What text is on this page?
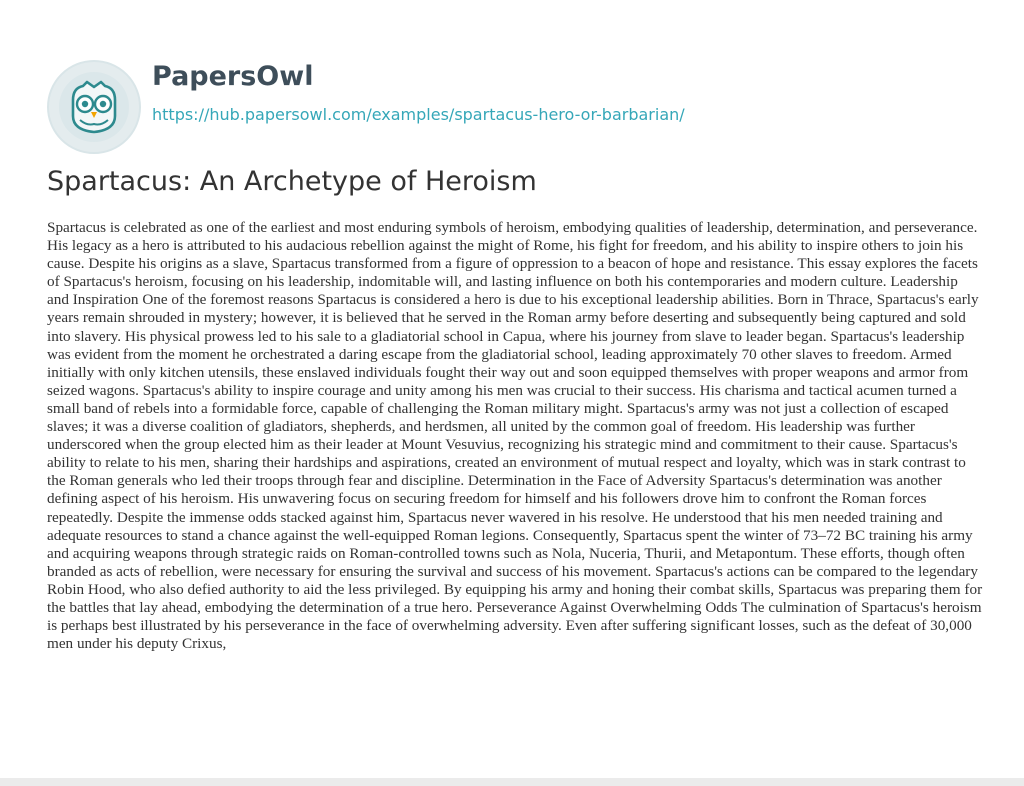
PapersOwl
https://hub.papersowl.com/examples/spartacus-hero-or-barbarian/
Spartacus: An Archetype of Heroism

Spartacus is celebrated as one of the earliest and most enduring symbols of heroism, embodying qualities of leadership, determination, and perseverance. His legacy as a hero is attributed to his audacious rebellion against the might of Rome, his fight for freedom, and his ability to inspire others to join his cause. Despite his origins as a slave, Spartacus transformed from a figure of oppression to a beacon of hope and resistance. This essay explores the facets of Spartacus's heroism, focusing on his leadership, indomitable will, and lasting influence on both his contemporaries and modern culture. Leadership and Inspiration One of the foremost reasons Spartacus is considered a hero is due to his exceptional leadership abilities. Born in Thrace, Spartacus's early years remain shrouded in mystery; however, it is believed that he served in the Roman army before deserting and subsequently being captured and sold into slavery. His physical prowess led to his sale to a gladiatorial school in Capua, where his journey from slave to leader began. Spartacus's leadership was evident from the moment he orchestrated a daring escape from the gladiatorial school, leading approximately 70 other slaves to freedom. Armed initially with only kitchen utensils, these enslaved individuals fought their way out and soon equipped themselves with proper weapons and armor from seized wagons. Spartacus's ability to inspire courage and unity among his men was crucial to their success. His charisma and tactical acumen turned a small band of rebels into a formidable force, capable of challenging the Roman military might. Spartacus's army was not just a collection of escaped slaves; it was a diverse coalition of gladiators, shepherds, and herdsmen, all united by the common goal of freedom. His leadership was further underscored when the group elected him as their leader at Mount Vesuvius, recognizing his strategic mind and commitment to their cause. Spartacus's ability to relate to his men, sharing their hardships and aspirations, created an environment of mutual respect and loyalty, which was in stark contrast to the Roman generals who led their troops through fear and discipline. Determination in the Face of Adversity Spartacus's determination was another defining aspect of his heroism. His unwavering focus on securing freedom for himself and his followers drove him to confront the Roman forces repeatedly. Despite the immense odds stacked against him, Spartacus never wavered in his resolve. He understood that his men needed training and adequate resources to stand a chance against the well-equipped Roman legions. Consequently, Spartacus spent the winter of 73–72 BC training his army and acquiring weapons through strategic raids on Roman-controlled towns such as Nola, Nuceria, Thurii, and Metapontum. These efforts, though often branded as acts of rebellion, were necessary for ensuring the survival and success of his movement. Spartacus's actions can be compared to the legendary Robin Hood, who also defied authority to aid the less privileged. By equipping his army and honing their combat skills, Spartacus was preparing them for the battles that lay ahead, embodying the determination of a true hero. Perseverance Against Overwhelming Odds The culmination of Spartacus's heroism is perhaps best illustrated by his perseverance in the face of overwhelming adversity. Even after suffering significant losses, such as the defeat of 30,000 men under his deputy Crixus,
